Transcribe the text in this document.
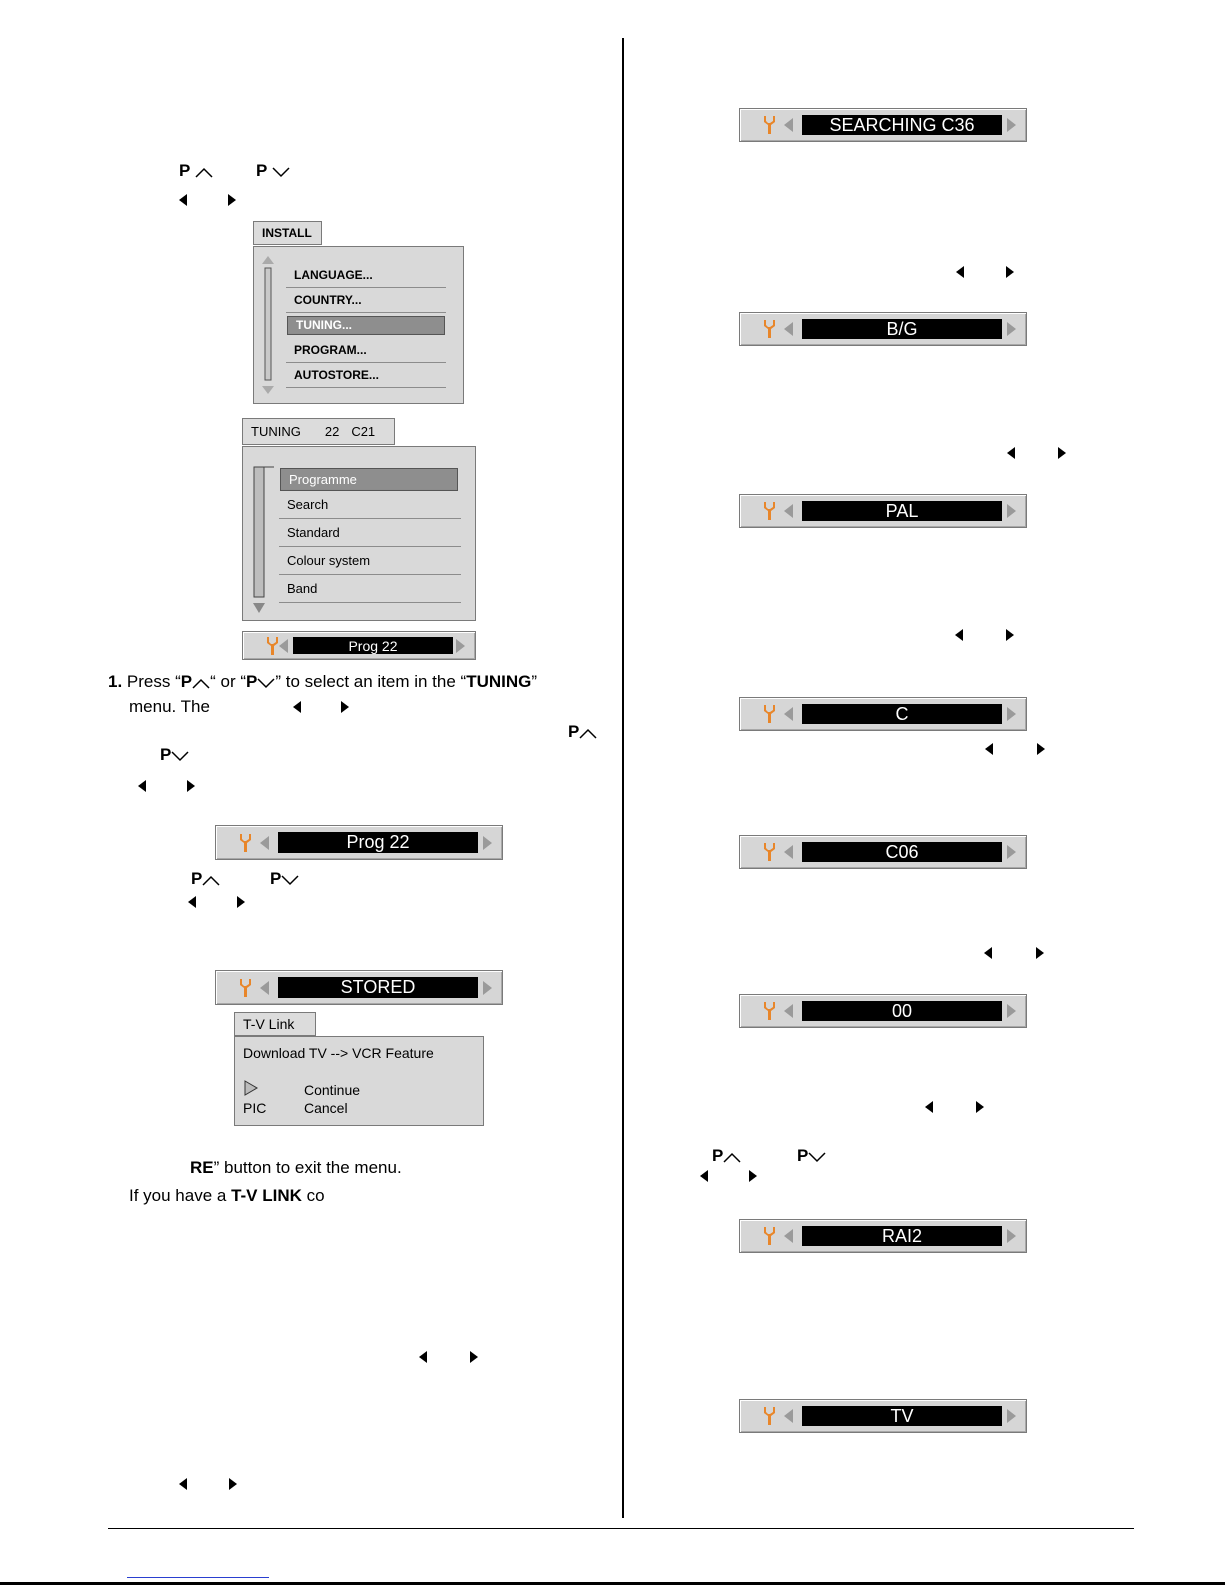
P	P
INSTALL
LANGUAGE...
COUNTRY...
TUNING...
PROGRAM...
AUTOSTORE...
TUNING 22 C21
Programme
Search
Standard
Colour system
Band
Prog 22
1. Press “P “ or “P ” to select an item in the “TUNING”
menu. The
P
P
Prog 22
P	P
STORED
T-V Link
Download TV --> VCR Feature
Continue
PIC	Cancel
RE” button to exit the menu.
If you have a T-V LINK co
SEARCHING C36
B/G
PAL
C
C06
00
P	P
RAI2
TV
